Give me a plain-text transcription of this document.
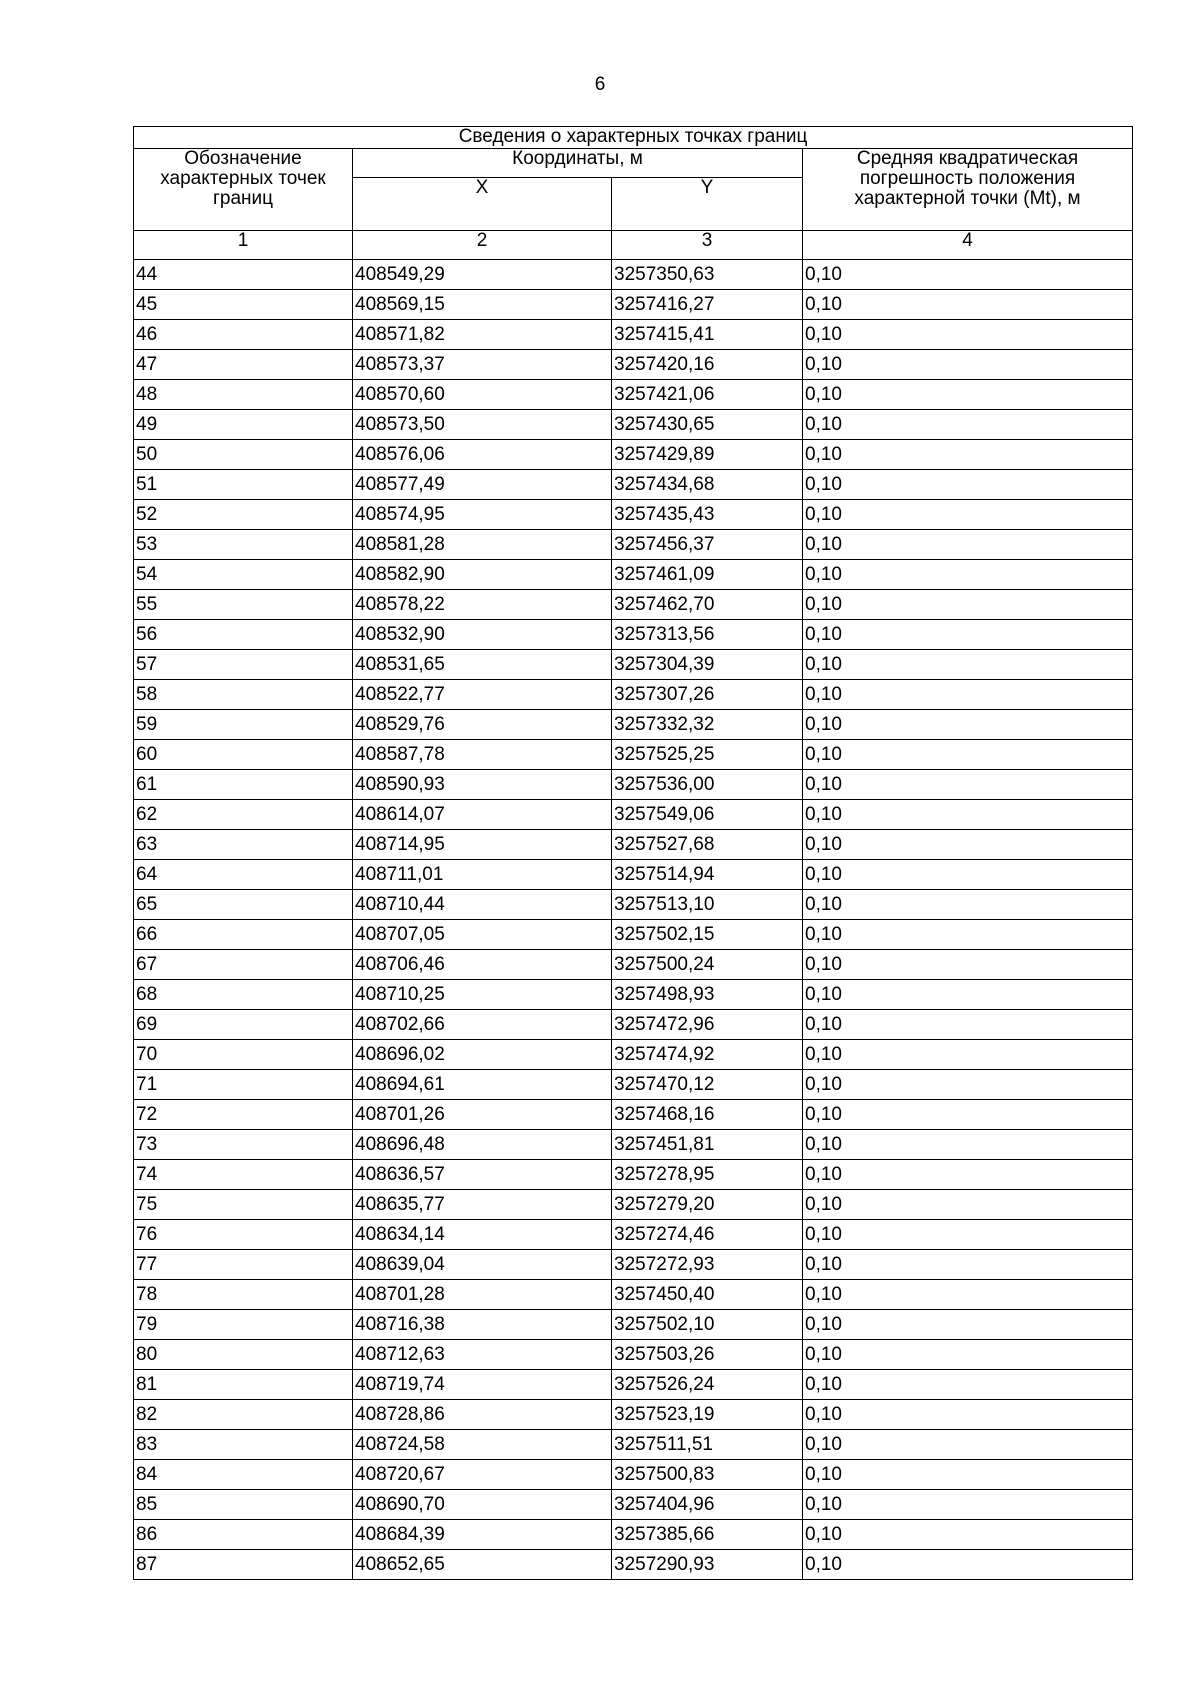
6
Сведения о характерных точках границ			
Обозначение характерных точек границ	Координаты, м		Средняя квадратическая погрешность положения характерной точки (Mt), м
	X	Y	
1	2	3	4
44	408549,29	3257350,63	0,10
45	408569,15	3257416,27	0,10
46	408571,82	3257415,41	0,10
47	408573,37	3257420,16	0,10
48	408570,60	3257421,06	0,10
49	408573,50	3257430,65	0,10
50	408576,06	3257429,89	0,10
51	408577,49	3257434,68	0,10
52	408574,95	3257435,43	0,10
53	408581,28	3257456,37	0,10
54	408582,90	3257461,09	0,10
55	408578,22	3257462,70	0,10
56	408532,90	3257313,56	0,10
57	408531,65	3257304,39	0,10
58	408522,77	3257307,26	0,10
59	408529,76	3257332,32	0,10
60	408587,78	3257525,25	0,10
61	408590,93	3257536,00	0,10
62	408614,07	3257549,06	0,10
63	408714,95	3257527,68	0,10
64	408711,01	3257514,94	0,10
65	408710,44	3257513,10	0,10
66	408707,05	3257502,15	0,10
67	408706,46	3257500,24	0,10
68	408710,25	3257498,93	0,10
69	408702,66	3257472,96	0,10
70	408696,02	3257474,92	0,10
71	408694,61	3257470,12	0,10
72	408701,26	3257468,16	0,10
73	408696,48	3257451,81	0,10
74	408636,57	3257278,95	0,10
75	408635,77	3257279,20	0,10
76	408634,14	3257274,46	0,10
77	408639,04	3257272,93	0,10
78	408701,28	3257450,40	0,10
79	408716,38	3257502,10	0,10
80	408712,63	3257503,26	0,10
81	408719,74	3257526,24	0,10
82	408728,86	3257523,19	0,10
83	408724,58	3257511,51	0,10
84	408720,67	3257500,83	0,10
85	408690,70	3257404,96	0,10
86	408684,39	3257385,66	0,10
87	408652,65	3257290,93	0,10
